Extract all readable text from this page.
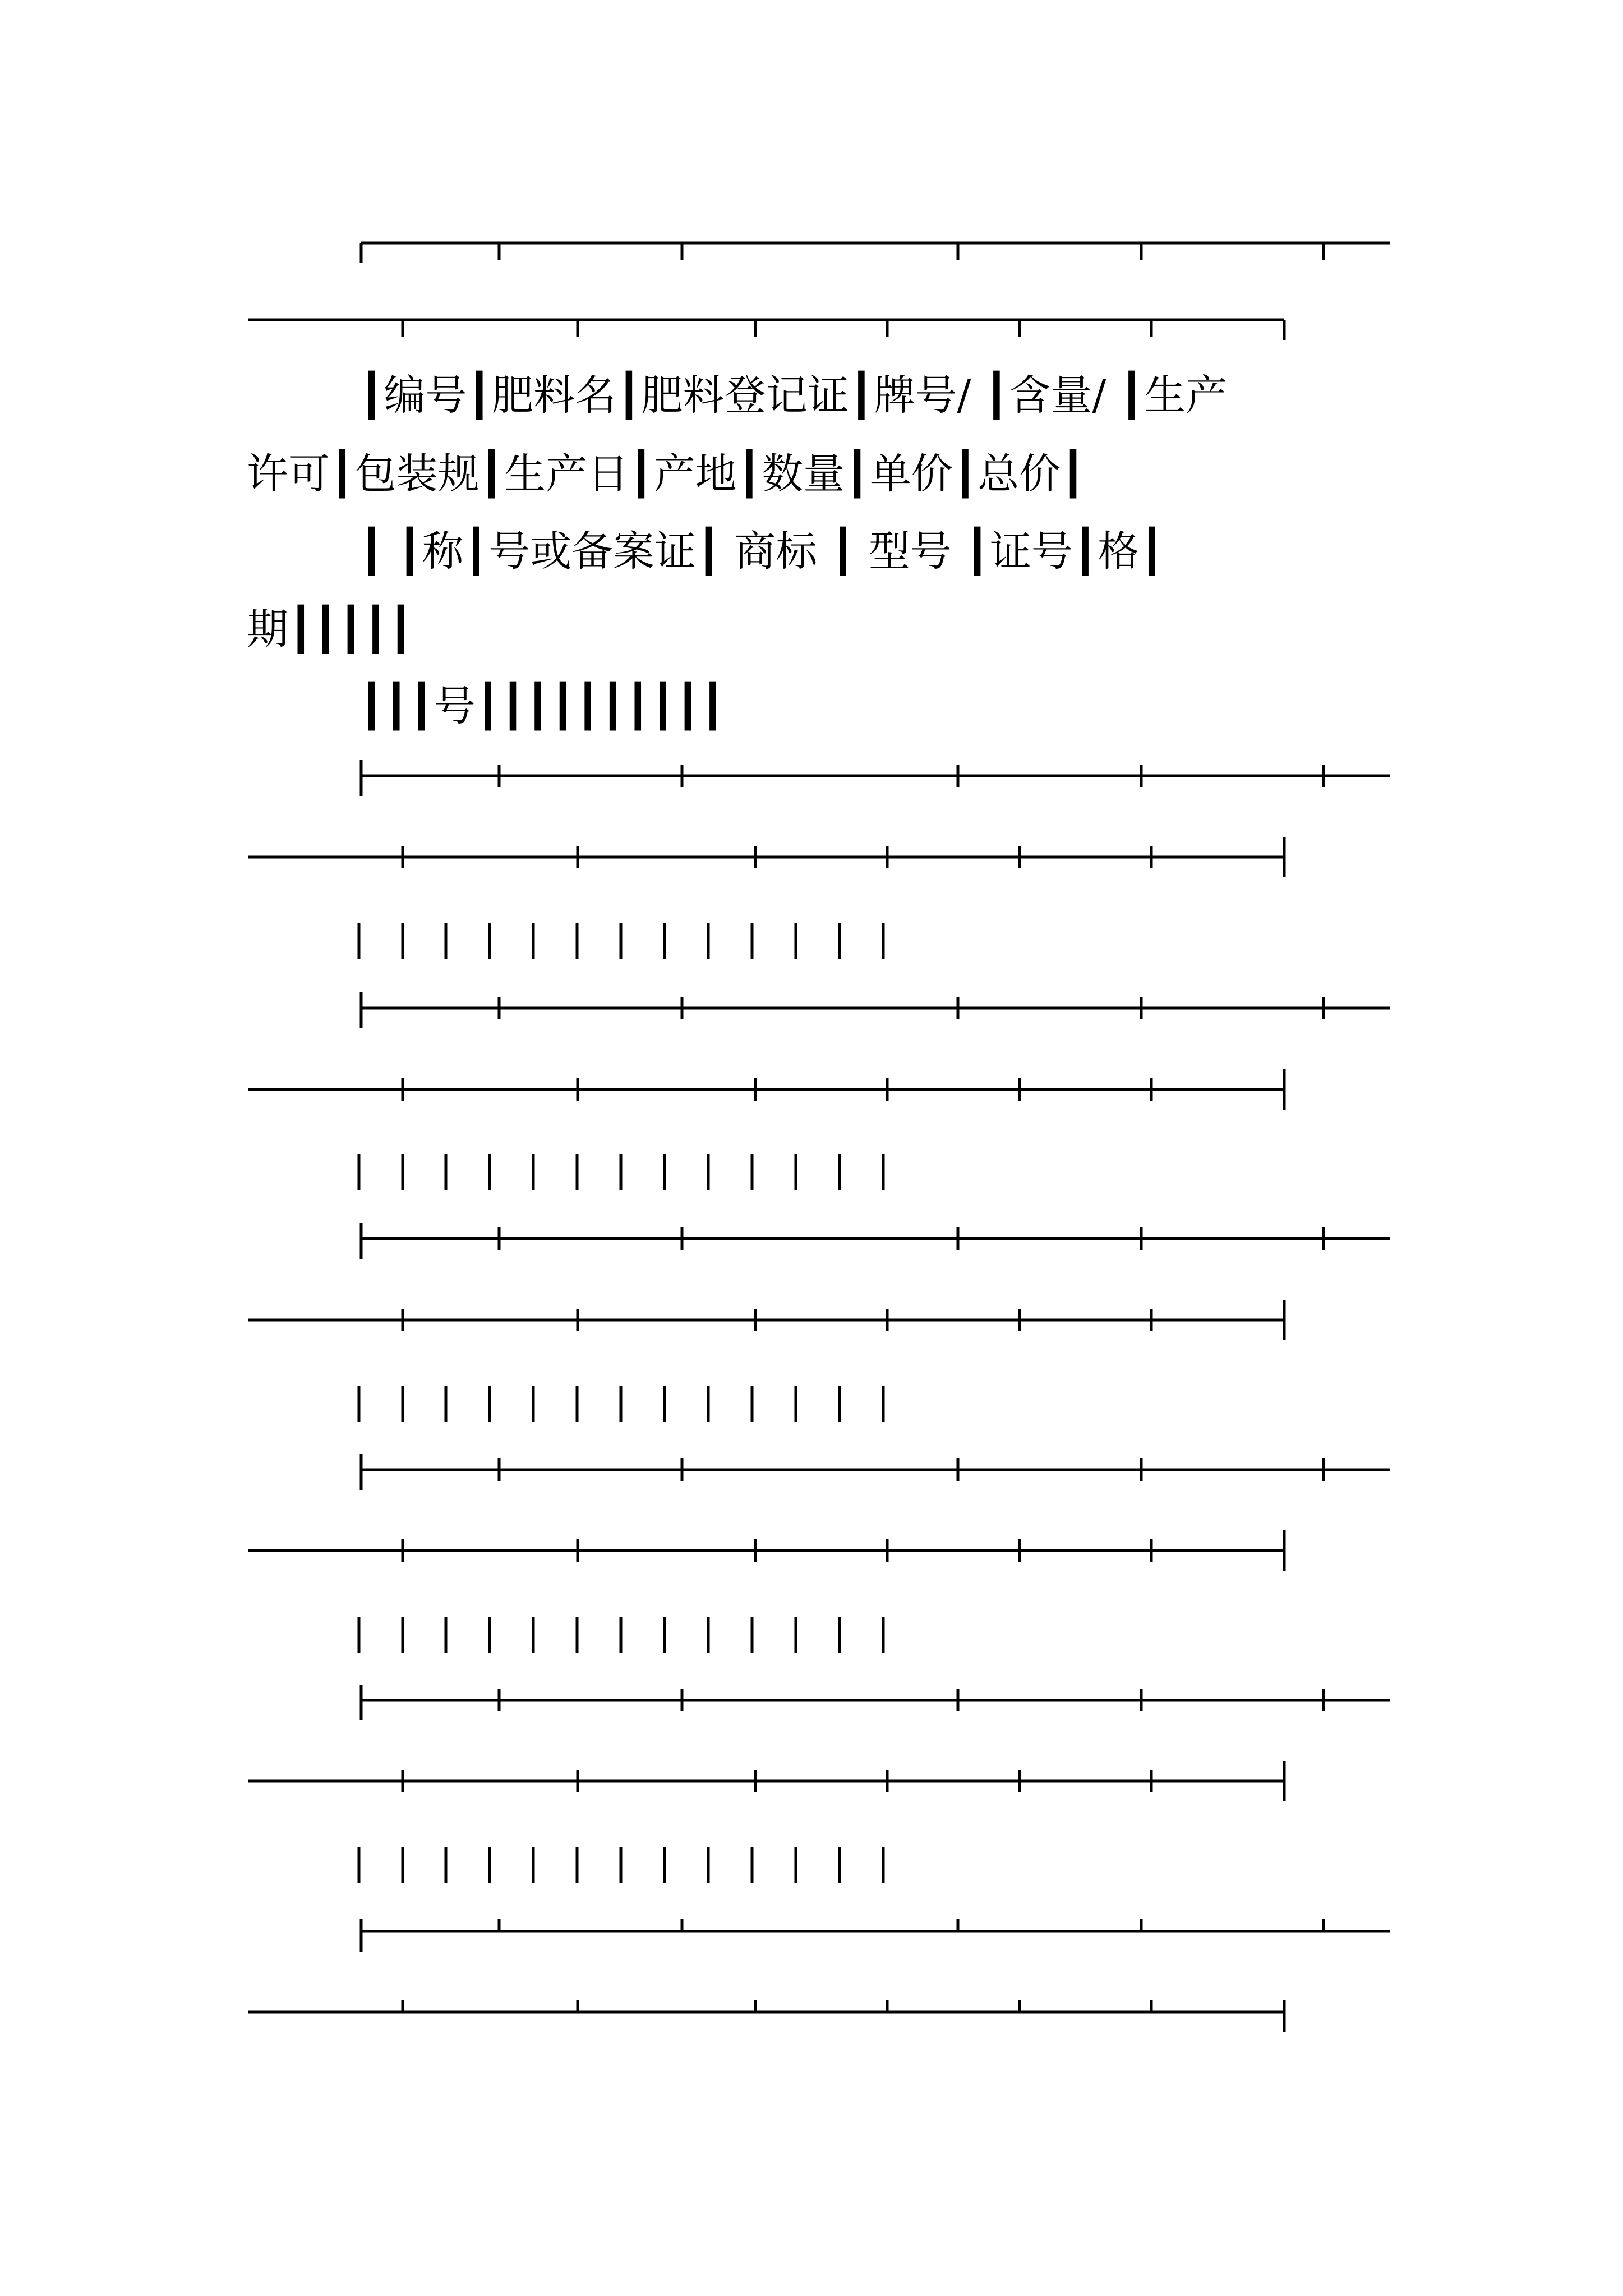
┃编号┃肥料名┃肥料登记证┃牌号/ ┃含量/ ┃生产

许可┃包装规┃生产日┃产地┃数量┃单价┃总价┃

┃ ┃称┃号或备案证┃ 商标 ┃ 型号 ┃证号┃格┃

期┃┃┃┃┃

┃┃┃号┃┃┃┃┃┃┃┃┃┃
